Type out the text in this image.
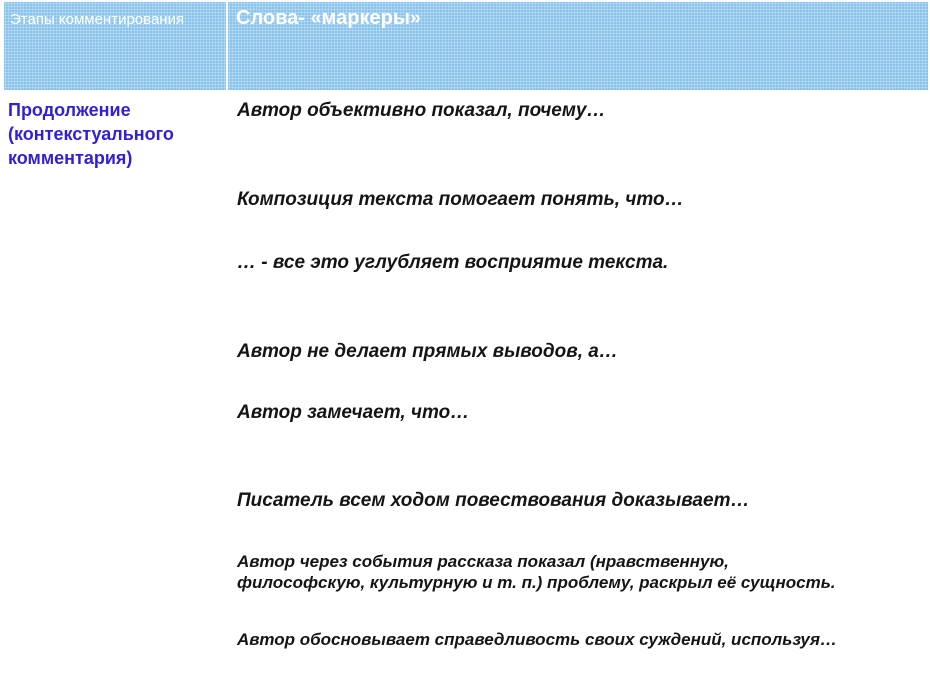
Этапы комментирования	Слова- «маркеры»
Продолжение (контекстуального комментария)
Автор объективно показал, почему…
Композиция текста помогает понять, что…
… - все это углубляет восприятие текста.
Автор не делает прямых выводов, а…
Автор замечает, что…
Писатель всем ходом повествования доказывает…
Автор через события рассказа показал (нравственную, философскую, культурную и т. п.) проблему, раскрыл её сущность.
Автор обосновывает справедливость своих суждений, используя…
